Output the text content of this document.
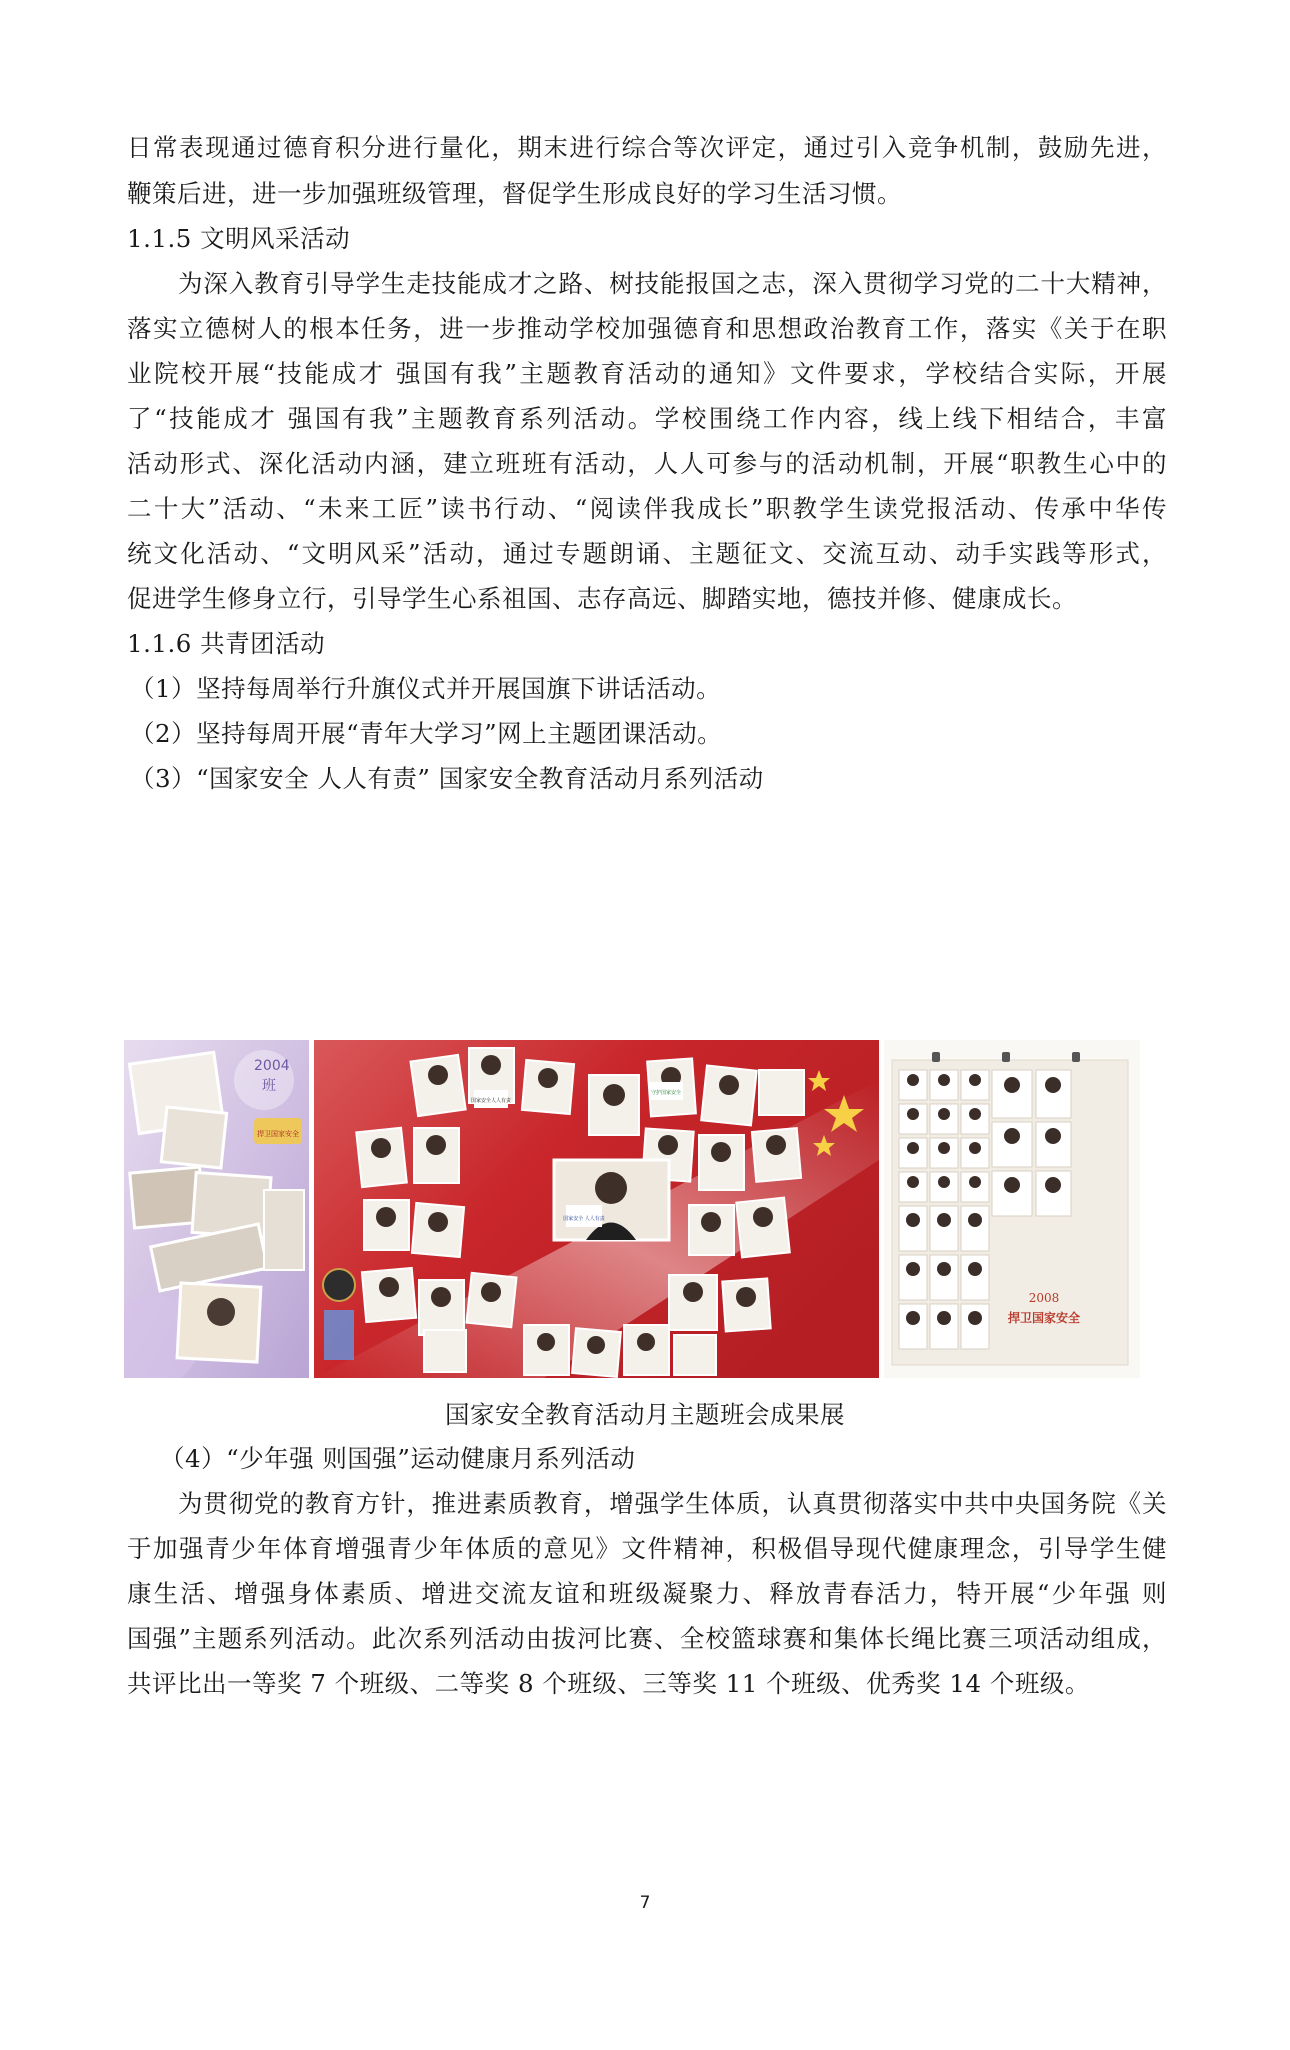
日常表现通过德育积分进行量化，期末进行综合等次评定，通过引入竞争机制，鼓励先进，
鞭策后进，进一步加强班级管理，督促学生形成良好的学习生活习惯。
1.1.5 文明风采活动
为深入教育引导学生走技能成才之路、树技能报国之志，深入贯彻学习党的二十大精神，
落实立德树人的根本任务，进一步推动学校加强德育和思想政治教育工作，落实《关于在职
业院校开展“技能成才 强国有我”主题教育活动的通知》文件要求，学校结合实际，开展
了“技能成才 强国有我”主题教育系列活动。学校围绕工作内容，线上线下相结合，丰富
活动形式、深化活动内涵，建立班班有活动，人人可参与的活动机制，开展“职教生心中的
二十大”活动、“未来工匠”读书行动、“阅读伴我成长”职教学生读党报活动、传承中华传
统文化活动、“文明风采”活动，通过专题朗诵、主题征文、交流互动、动手实践等形式，
促进学生修身立行，引导学生心系祖国、志存高远、脚踏实地，德技并修、健康成长。
1.1.6 共青团活动
（1）坚持每周举行升旗仪式并开展国旗下讲话活动。
（2）坚持每周开展“青年大学习”网上主题团课活动。
（3）“国家安全 人人有责” 国家安全教育活动月系列活动
2004
班
捍卫国家安全
国家安全 人人有责
国家安全人人有责
守护国家安全
2008
捍卫国家安全
国家安全教育活动月主题班会成果展
（4）“少年强 则国强”运动健康月系列活动
为贯彻党的教育方针，推进素质教育，增强学生体质，认真贯彻落实中共中央国务院《关
于加强青少年体育增强青少年体质的意见》文件精神，积极倡导现代健康理念，引导学生健
康生活、增强身体素质、增进交流友谊和班级凝聚力、释放青春活力，特开展“少年强 则
国强”主题系列活动。此次系列活动由拔河比赛、全校篮球赛和集体长绳比赛三项活动组成，
共评比出一等奖 7 个班级、二等奖 8 个班级、三等奖 11 个班级、优秀奖 14 个班级。
7
